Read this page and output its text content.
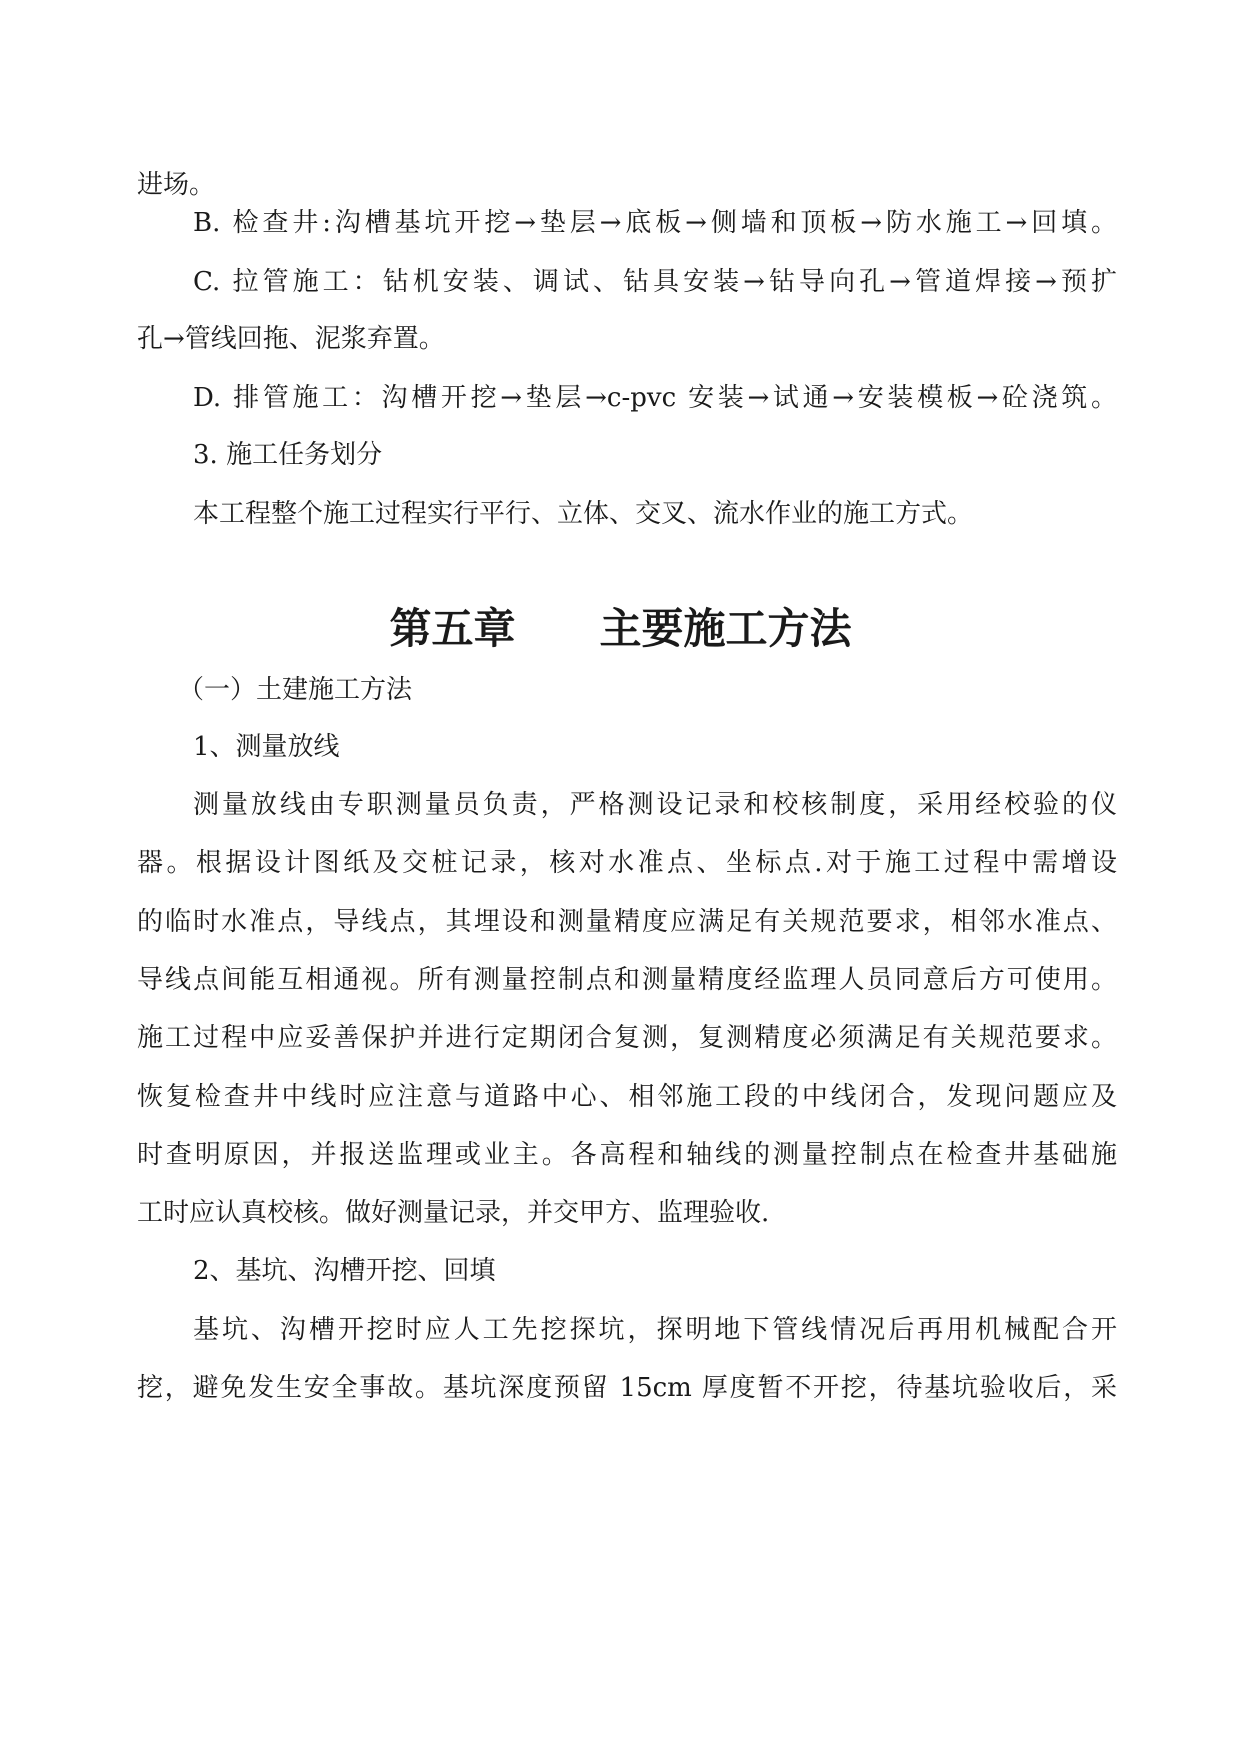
进场。
B. 检查井:沟槽基坑开挖→垫层→底板→侧墙和顶板→防水施工→回填。
C. 拉管施工：钻机安装、调试、钻具安装→钻导向孔→管道焊接→预扩
孔→管线回拖、泥浆弃置。
D. 排管施工：沟槽开挖→垫层→c-pvc 安装→试通→安装模板→砼浇筑。
3. 施工任务划分
本工程整个施工过程实行平行、立体、交叉、流水作业的施工方式。
第五章　　主要施工方法
（一）土建施工方法
1、测量放线
测量放线由专职测量员负责，严格测设记录和校核制度，采用经校验的仪
器。根据设计图纸及交桩记录，核对水准点、坐标点.对于施工过程中需增设
的临时水准点，导线点，其埋设和测量精度应满足有关规范要求，相邻水准点、
导线点间能互相通视。所有测量控制点和测量精度经监理人员同意后方可使用。
施工过程中应妥善保护并进行定期闭合复测，复测精度必须满足有关规范要求。
恢复检查井中线时应注意与道路中心、相邻施工段的中线闭合，发现问题应及
时查明原因，并报送监理或业主。各高程和轴线的测量控制点在检查井基础施
工时应认真校核。做好测量记录，并交甲方、监理验收.
2、基坑、沟槽开挖、回填
基坑、沟槽开挖时应人工先挖探坑，探明地下管线情况后再用机械配合开
挖，避免发生安全事故。基坑深度预留 15cm 厚度暂不开挖，待基坑验收后，采
